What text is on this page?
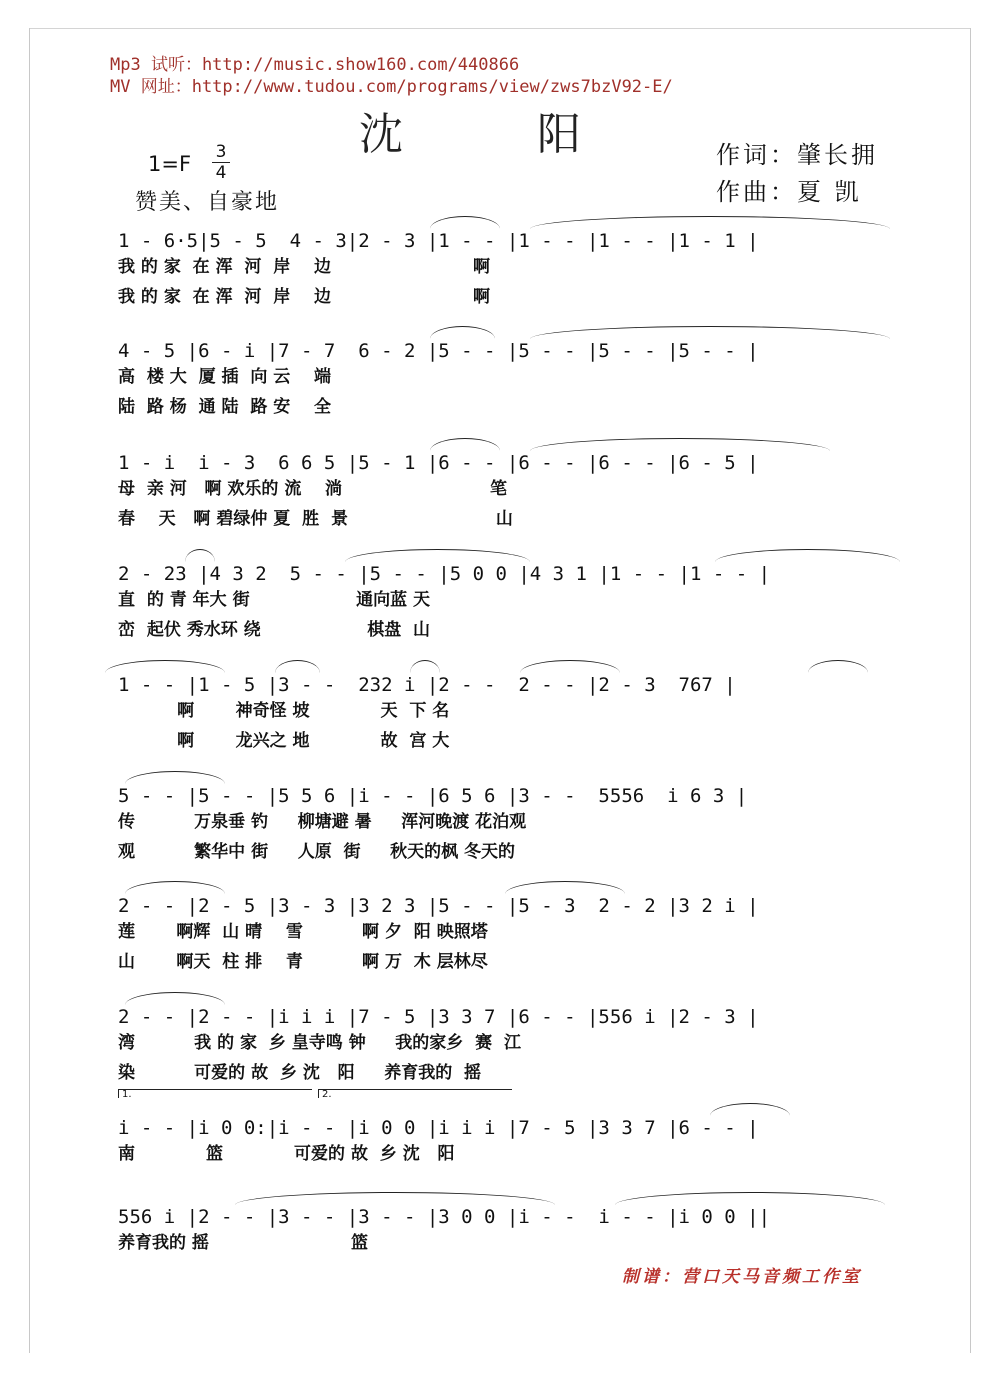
Mp3 试听：http://music.show160.com/440866
MV 网址：http://www.tudou.com/programs/view/zws7bzV92-E/
沈 阳
1=F 3
4
赞美、自豪地
作词：肇长拥
作曲：夏 凯
1 - 6·5|5 - 5  4 - 3|2 - 3 |1 - - |1 - - |1 - - |1 - 1 |
我 的 家  在 浑  河  岸    边                        啊
我 的 家  在 浑  河  岸    边                        啊
4 - 5 |6 - i |7 - 7  6 - 2 |5 - - |5 - - |5 - - |5 - - |
高  楼 大  厦 插  向 云    端
陆  路 杨  通 陆  路 安    全
1 - i  i - 3  6 6 5 |5 - 1 |6 - - |6 - - |6 - - |6 - 5 |
母  亲 河   啊 欢乐的 流    淌                         笔
春    天   啊 碧绿仲 夏  胜  景                         山
2 - 23 |4 3 2  5 - - |5 - - |5 0 0 |4 3 1 |1 - - |1 - - |
直  的 青 年大 街                  通向蓝 天
峦  起伏 秀水环 绕                  棋盘  山
1 - - |1 - 5 |3 - -  232 i |2 - -  2 - - |2 - 3  767 |
啊       神奇怪 坡            天  下 名
啊       龙兴之 地            故  宫 大
5 - - |5 - - |5 5 6 |i - - |6 5 6 |3 - -  5556  i 6 3 |
传          万泉垂 钓     柳塘避 暑     浑河晚渡 花泊观
观          繁华中 街     人原  街     秋天的枫 冬天的
2 - - |2 - 5 |3 - 3 |3 2 3 |5 - - |5 - 3  2 - 2 |3 2 i |
莲       啊辉  山 晴    雪          啊 夕  阳 映照塔
山       啊天  柱 排    青          啊 万  木 层林尽
2 - - |2 - - |i i i |7 - 5 |3 3 7 |6 - - |556 i |2 - 3 |
湾          我 的 家  乡 皇寺鸣 钟     我的家乡  赛  江
染          可爱的 故  乡 沈   阳     养育我的  摇
1.	2.
i - - |i 0 0:|i - - |i 0 0 |i i i |7 - 5 |3 3 7 |6 - - |
南            篮            可爱的 故  乡 沈   阳
556 i |2 - - |3 - - |3 - - |3 0 0 |i - -  i - - |i 0 0 ||
养育我的 摇                        篮
制谱：营口天马音频工作室
